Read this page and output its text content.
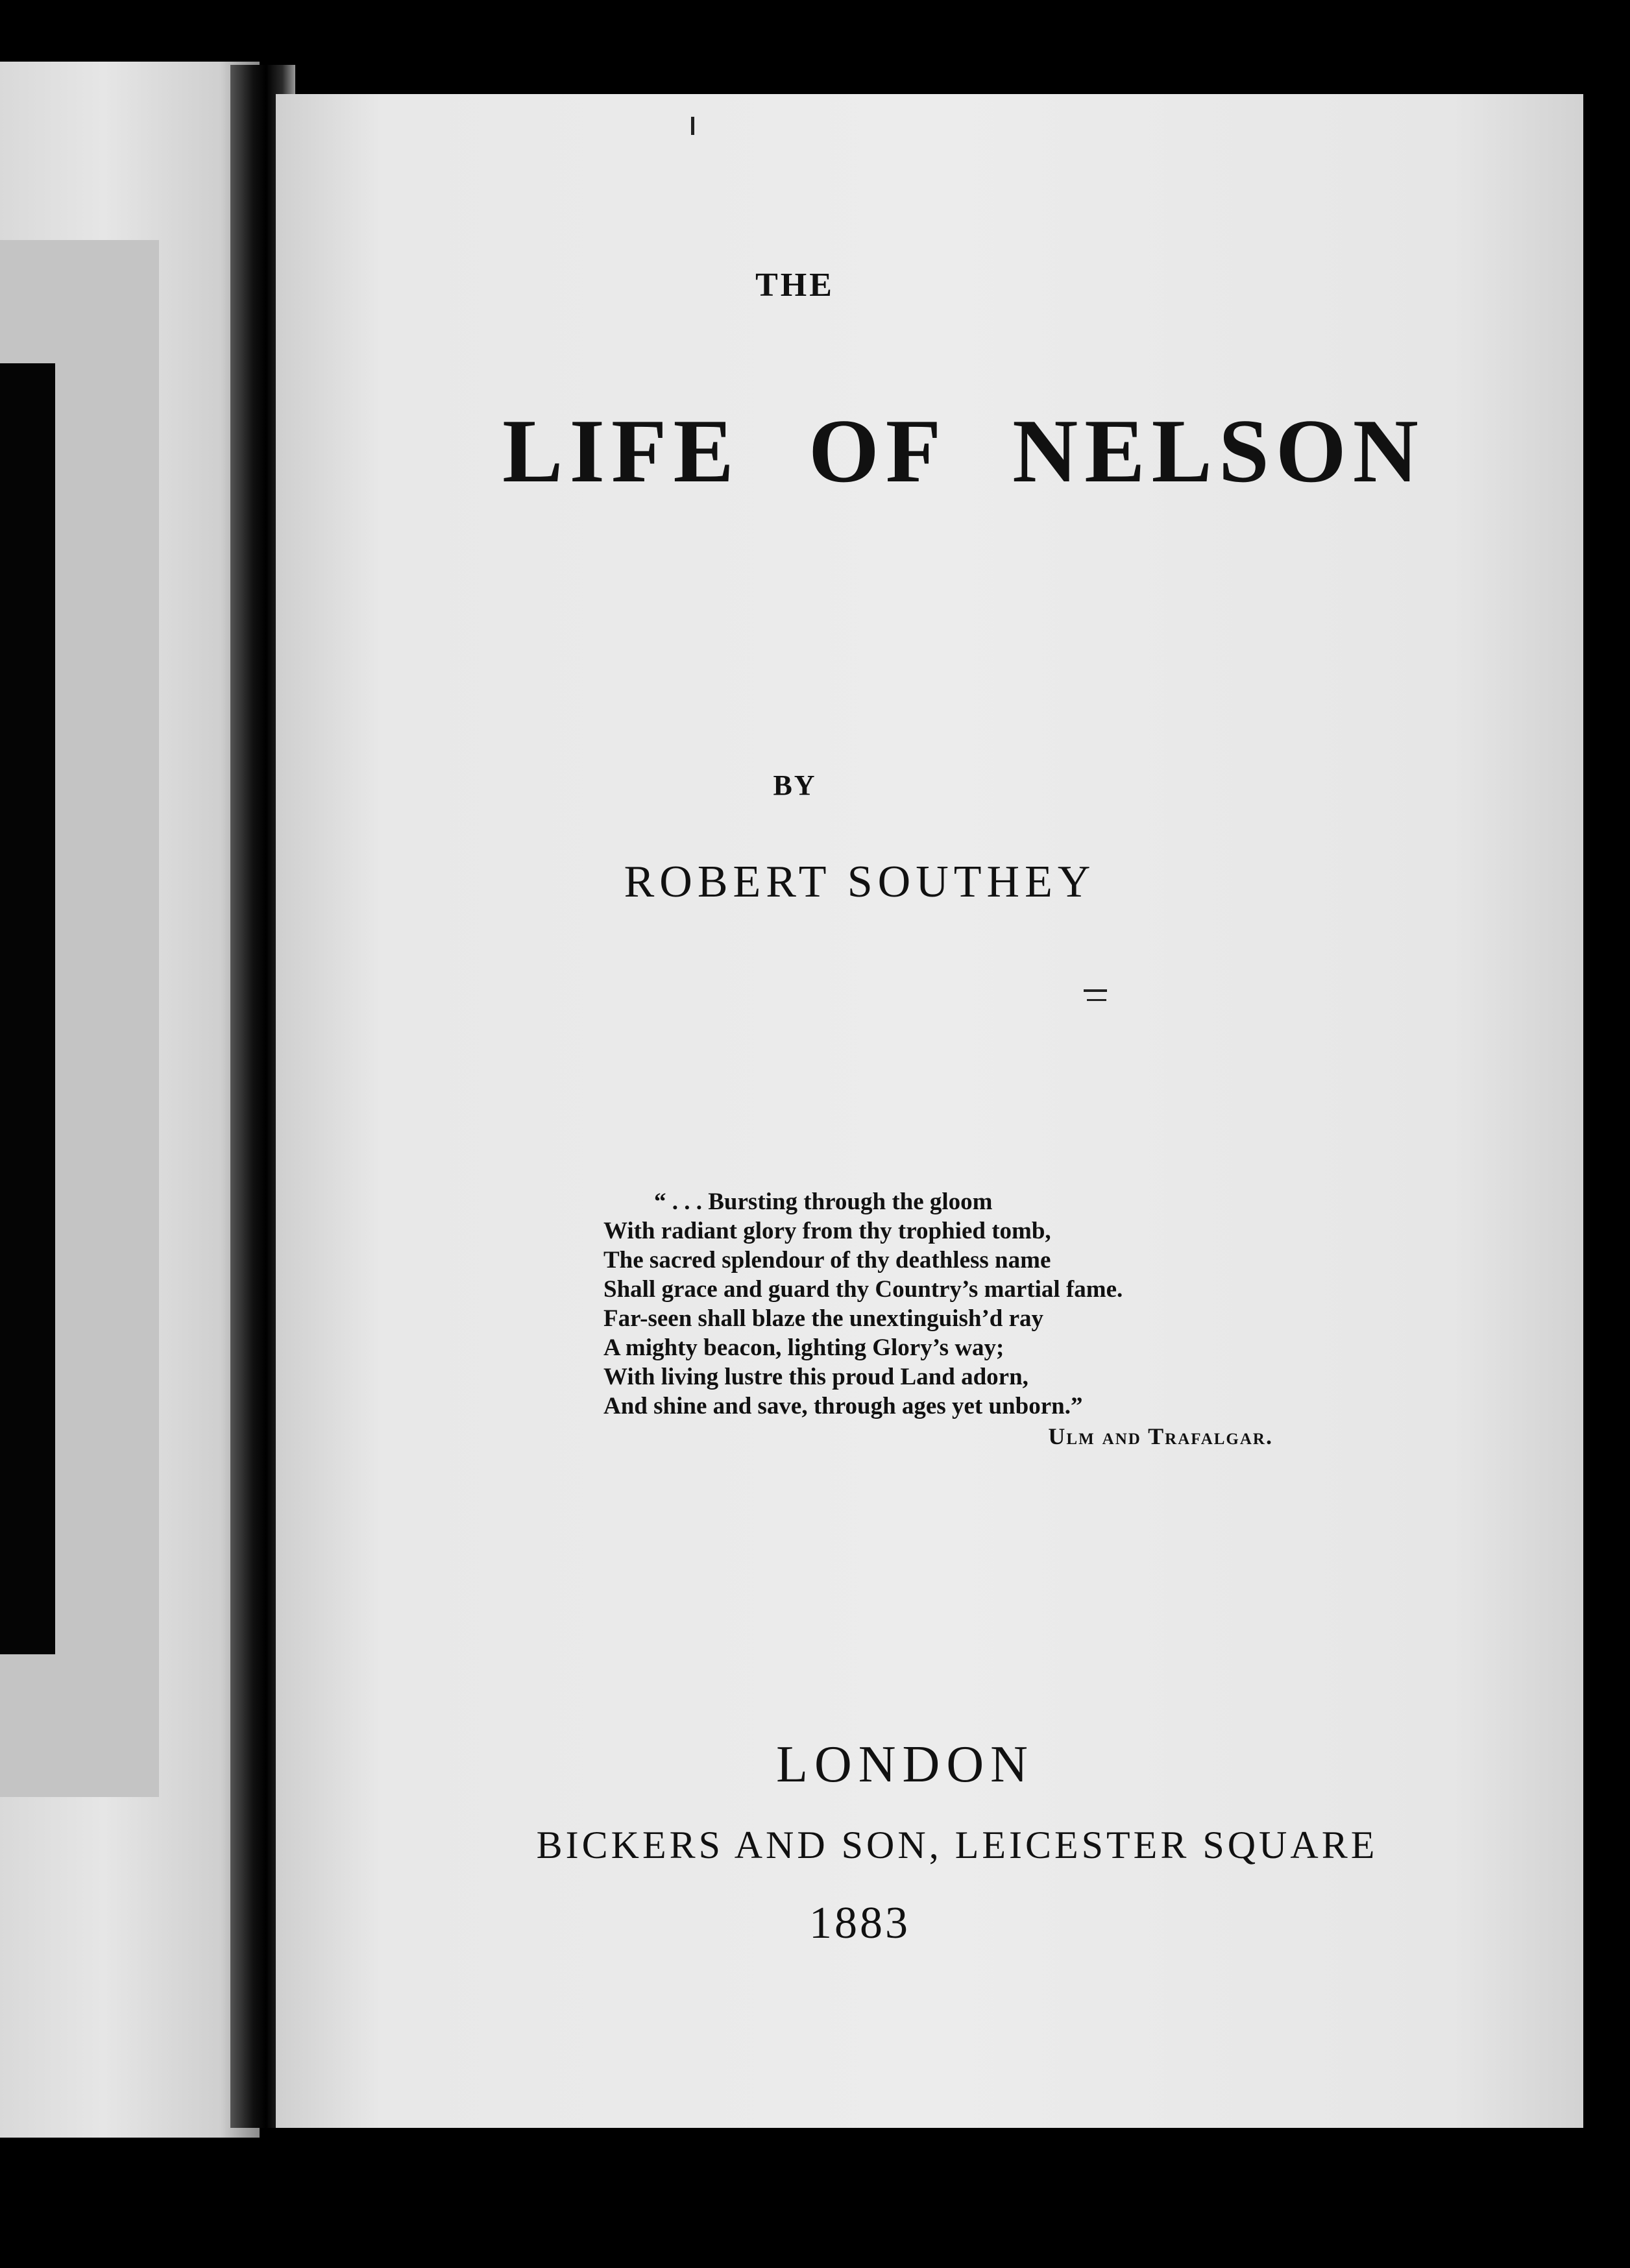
THE
LIFE OF NELSON
BY
ROBERT SOUTHEY
“ . . . Bursting through the gloom
With radiant glory from thy trophied tomb,
The sacred splendour of thy deathless name
Shall grace and guard thy Country’s martial fame.
Far-seen shall blaze the unextinguish’d ray
A mighty beacon, lighting Glory’s way;
With living lustre this proud Land adorn,
And shine and save, through ages yet unborn.”
Ulm and Trafalgar.
LONDON
BICKERS AND SON, LEICESTER SQUARE
1883
